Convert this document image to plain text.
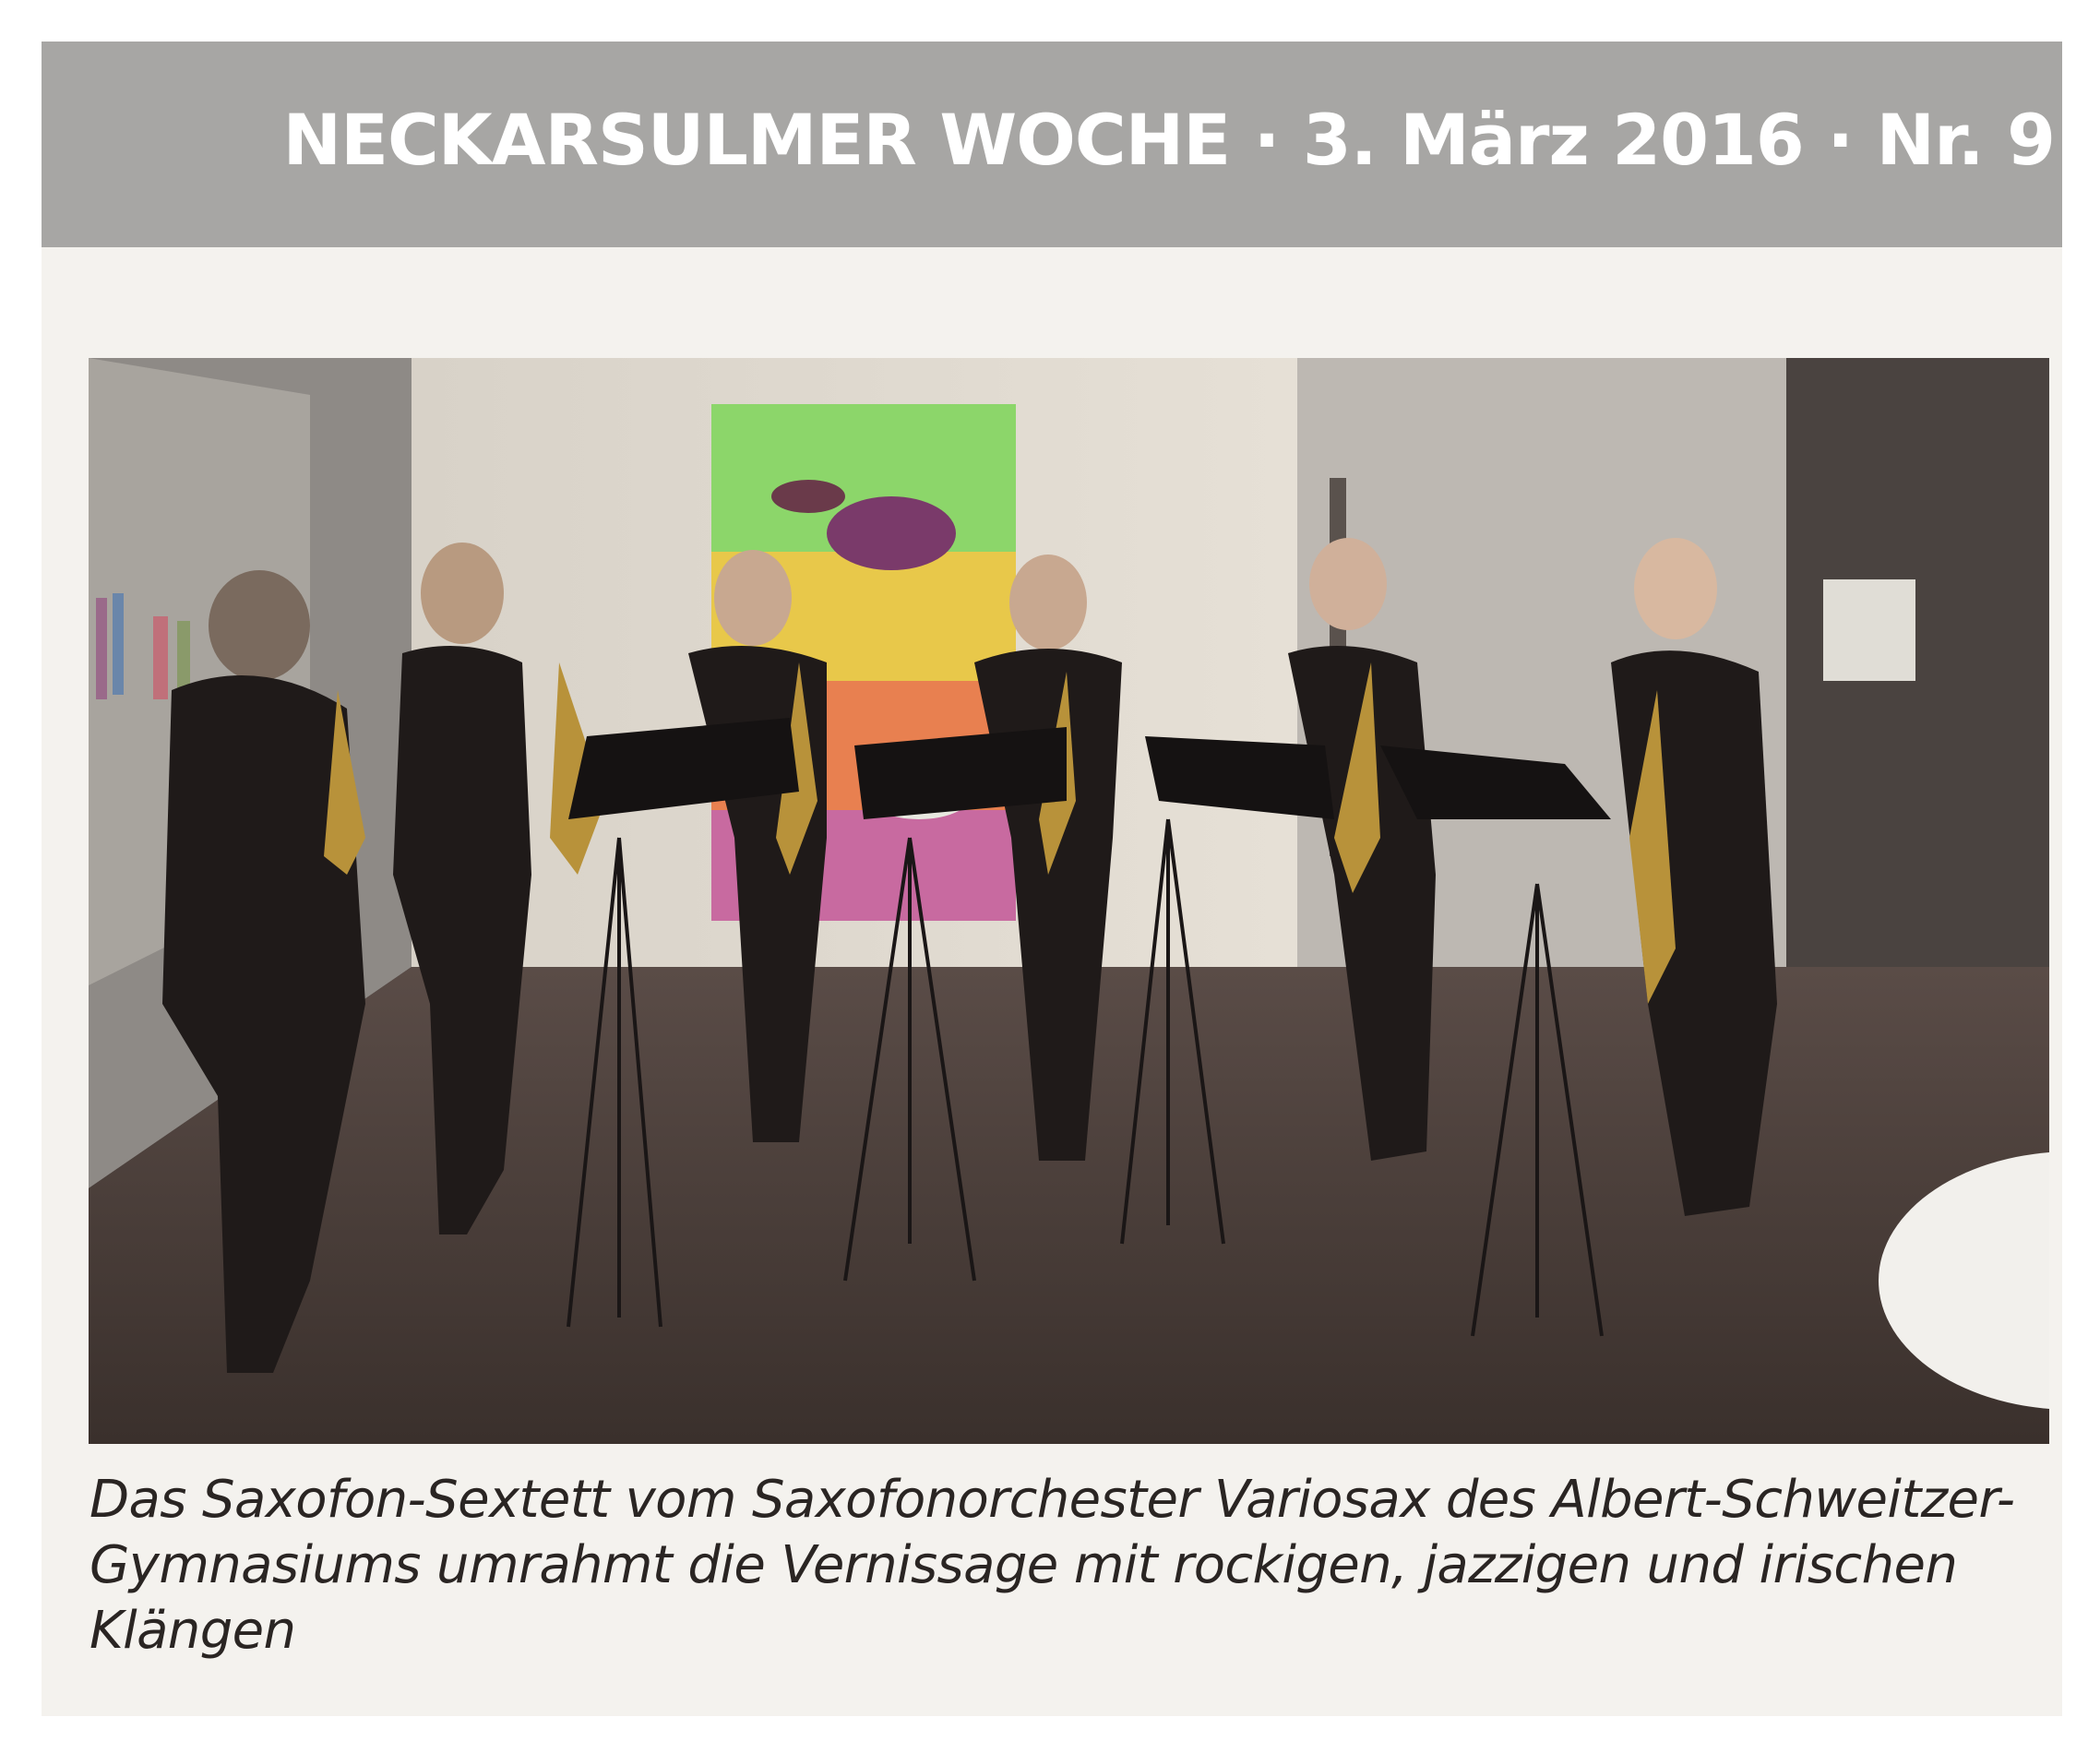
NECKARSULMER WOCHE · 3. März 2016 · Nr. 9
Das Saxofon-Sextett vom Saxofonorchester Variosax des Albert-Schweitzer-
Gymnasiums umrahmt die Vernissage mit rockigen, jazzigen und irischen
Klängen
